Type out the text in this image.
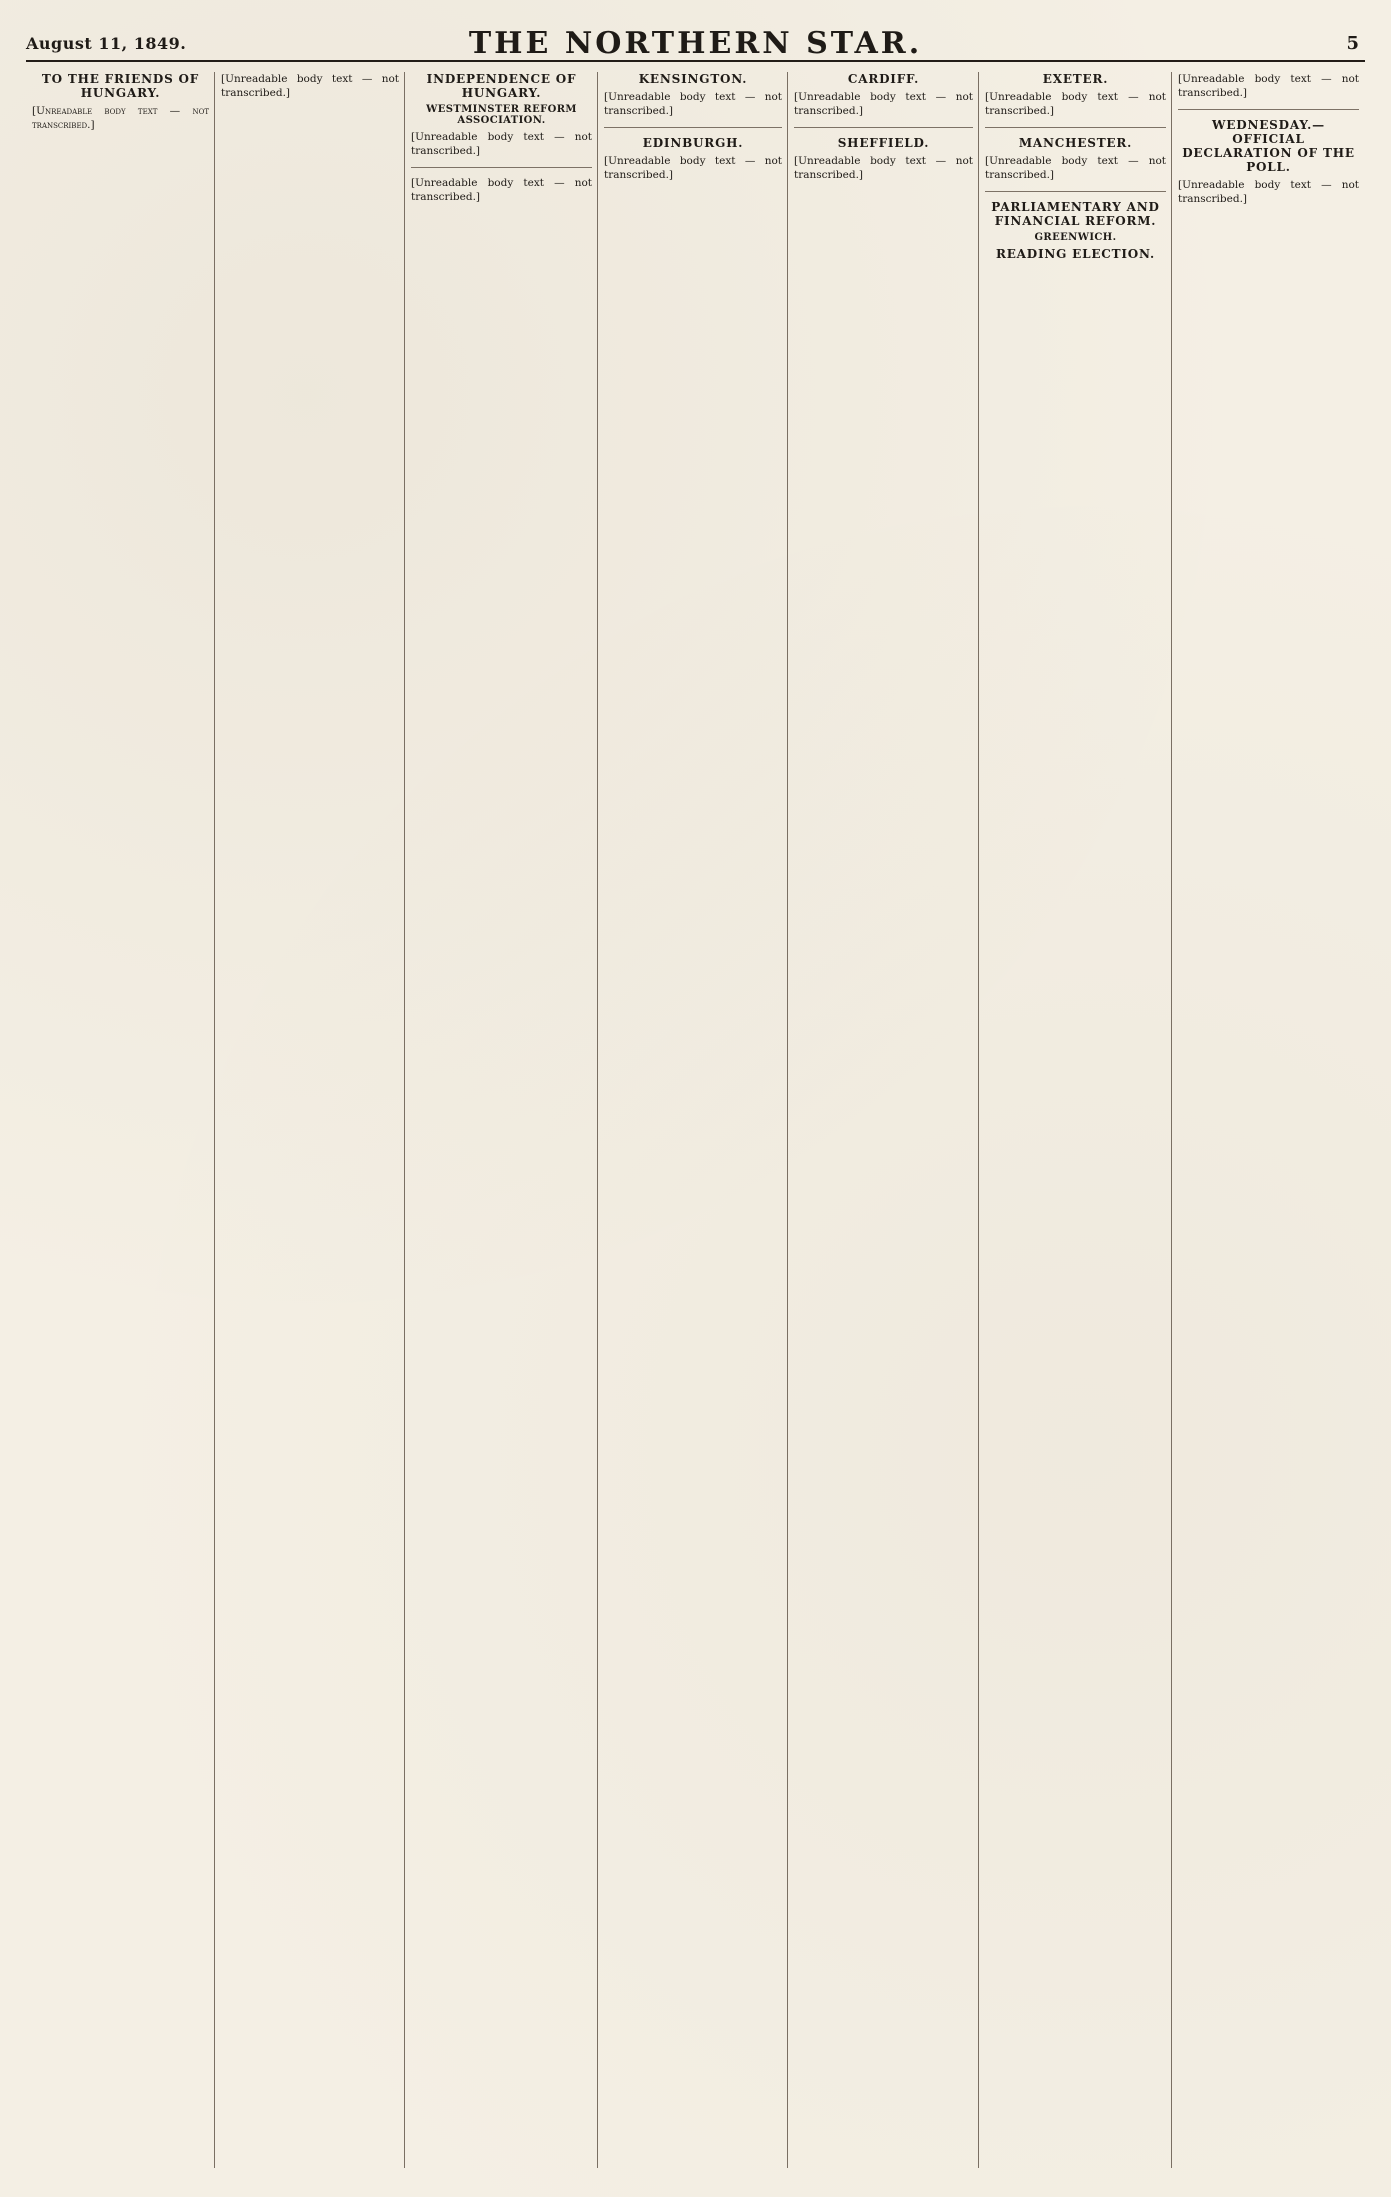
August 11, 1849.	THE NORTHERN STAR.	5
TO THE FRIENDS OF HUNGARY.
[Unreadable body text — not transcribed.]
[Unreadable body text — not transcribed.]
INDEPENDENCE OF HUNGARY.
WESTMINSTER REFORM ASSOCIATION.
[Unreadable body text — not transcribed.]
[Unreadable body text — not transcribed.]
KENSINGTON.
[Unreadable body text — not transcribed.]
EDINBURGH.
[Unreadable body text — not transcribed.]
CARDIFF.
[Unreadable body text — not transcribed.]
SHEFFIELD.
[Unreadable body text — not transcribed.]
EXETER.
[Unreadable body text — not transcribed.]
MANCHESTER.
[Unreadable body text — not transcribed.]
PARLIAMENTARY AND FINANCIAL REFORM.
GREENWICH.
READING ELECTION.
[Unreadable body text — not transcribed.]
WEDNESDAY.—OFFICIAL DECLARATION OF THE POLL.
[Unreadable body text — not transcribed.]
